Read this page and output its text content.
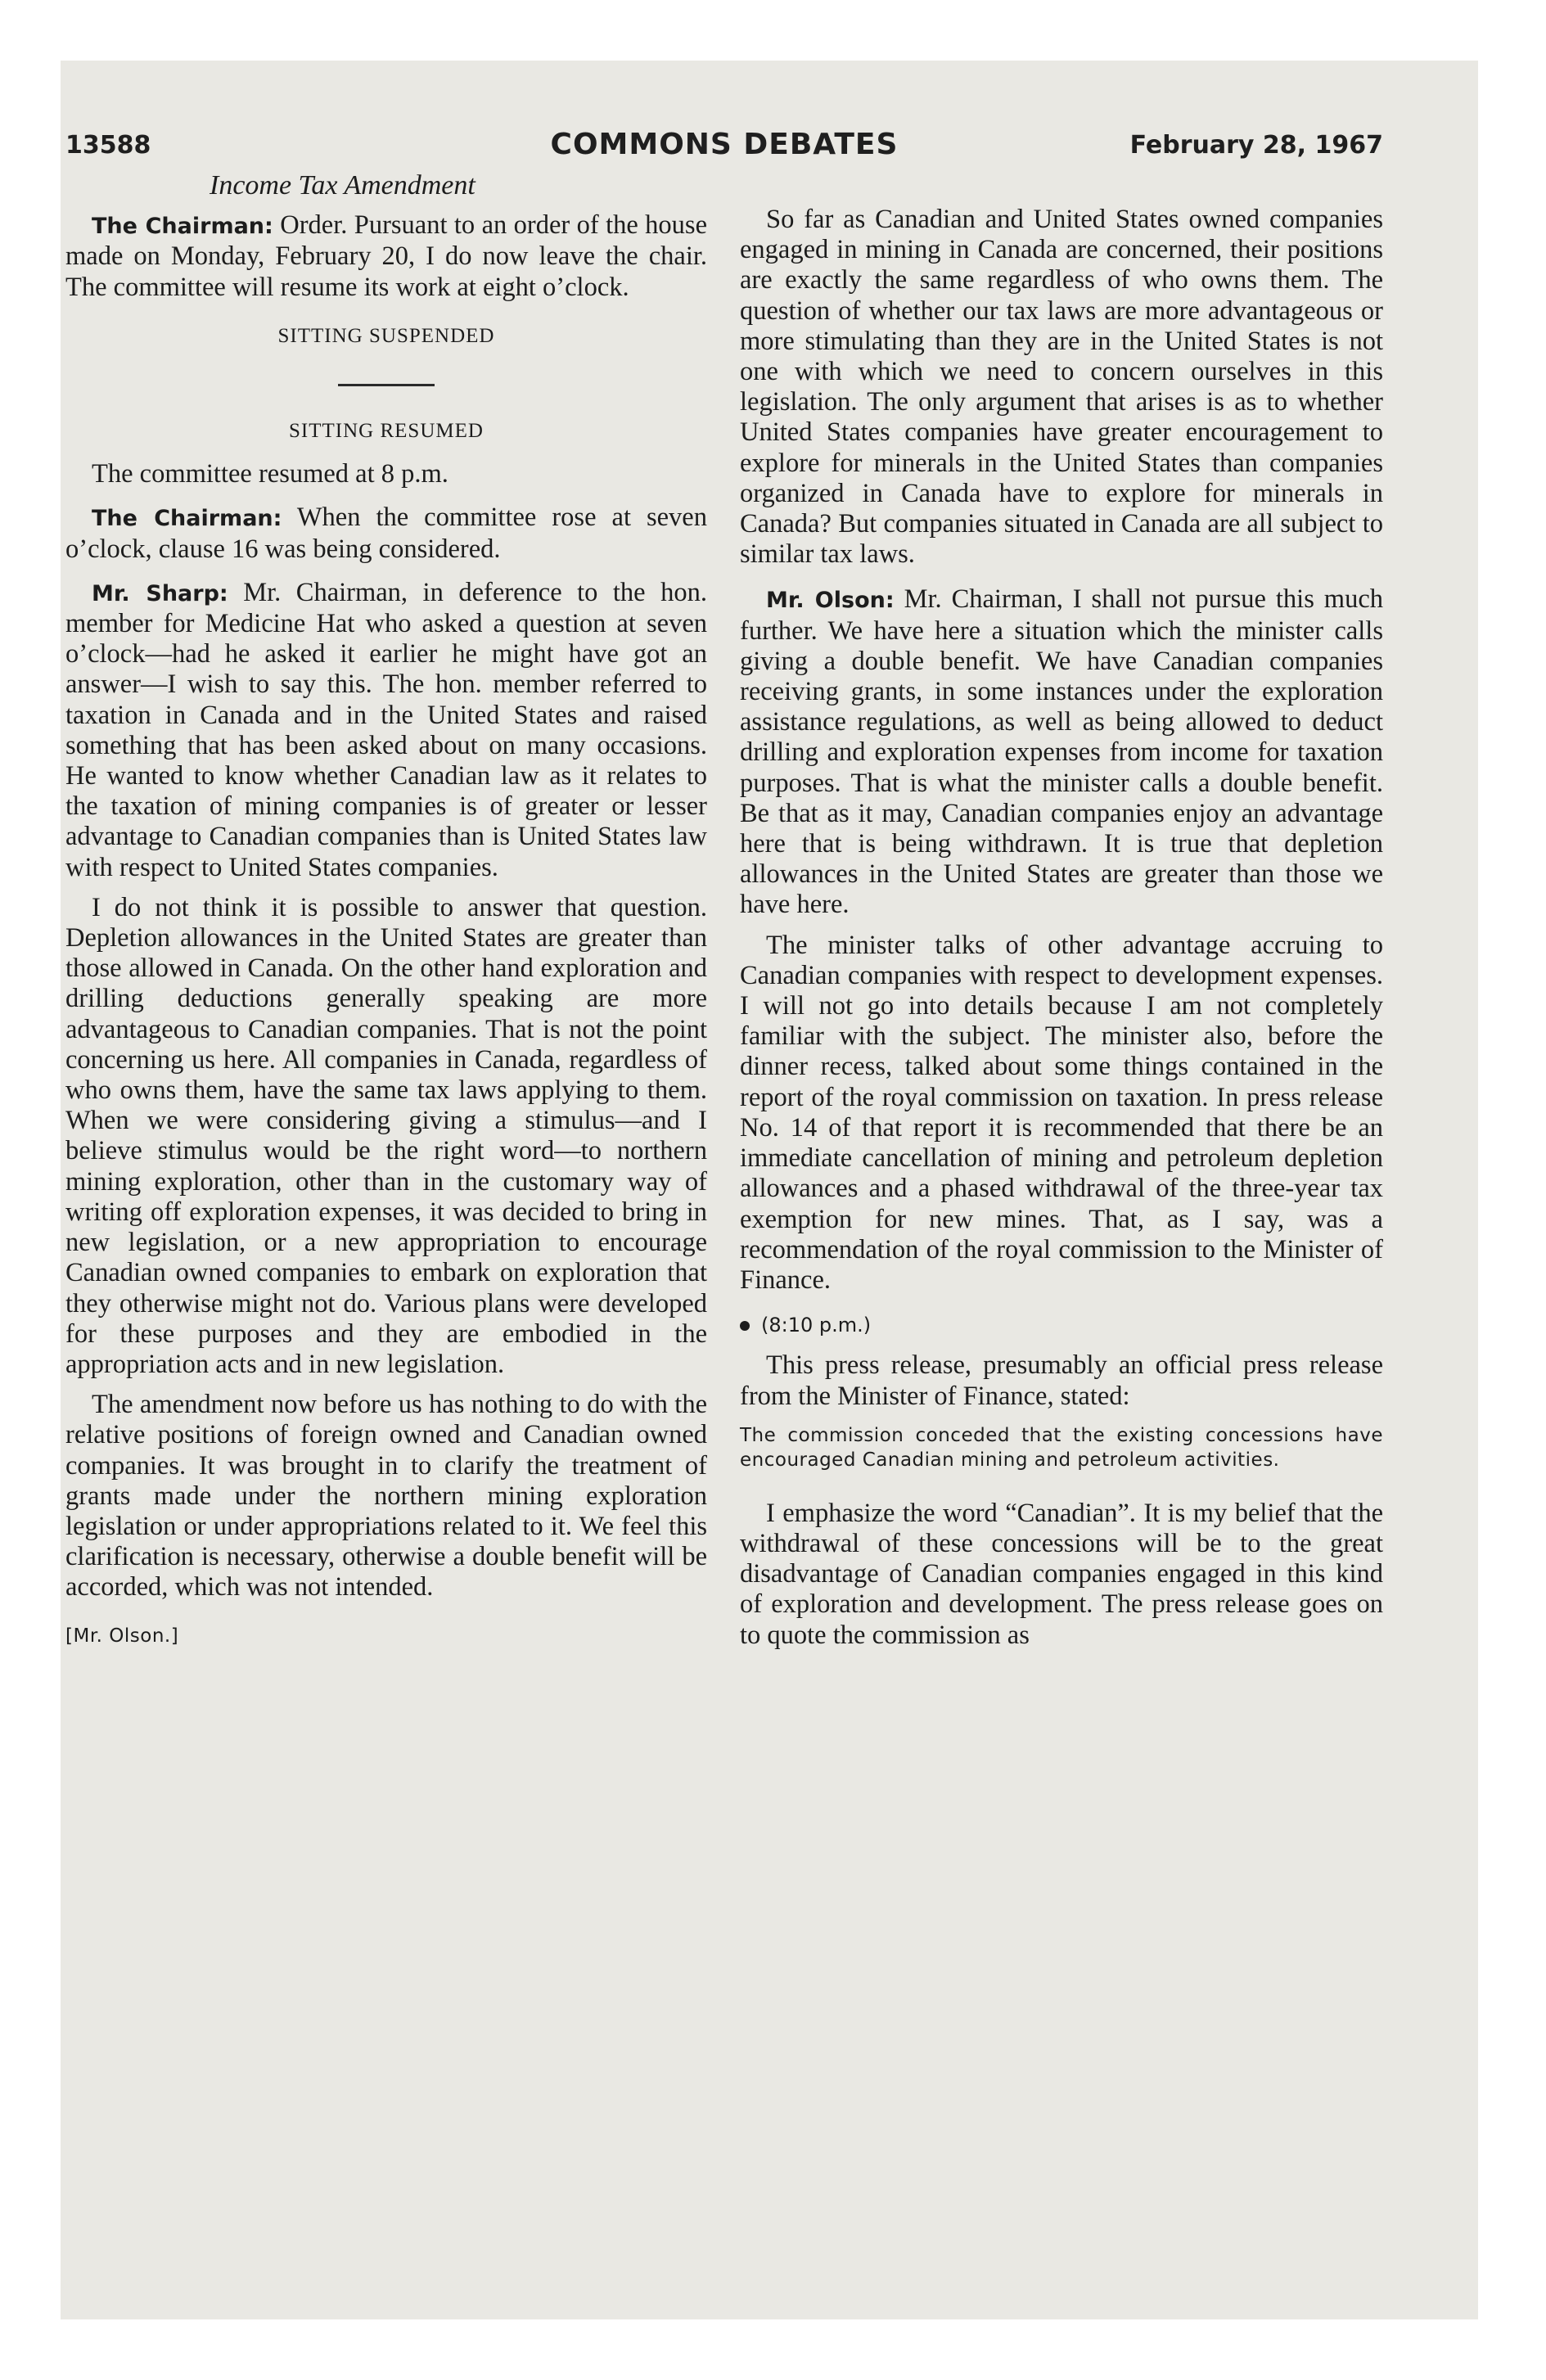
13588	COMMONS DEBATES	February 28, 1967

Income Tax Amendment

The Chairman: Order. Pursuant to an order of the house made on Monday, February 20, I do now leave the chair. The committee will resume its work at eight o’clock.

SITTING SUSPENDED

SITTING RESUMED

The committee resumed at 8 p.m.

The Chairman: When the committee rose at seven o’clock, clause 16 was being considered.

Mr. Sharp: Mr. Chairman, in deference to the hon. member for Medicine Hat who asked a question at seven o’clock—had he asked it earlier he might have got an answer—I wish to say this. The hon. member referred to taxation in Canada and in the United States and raised something that has been asked about on many occasions. He wanted to know whether Canadian law as it relates to the taxation of mining companies is of greater or lesser advantage to Canadian companies than is United States law with respect to United States companies.

I do not think it is possible to answer that question. Depletion allowances in the United States are greater than those allowed in Canada. On the other hand exploration and drilling deductions generally speaking are more advantageous to Canadian companies. That is not the point concerning us here. All companies in Canada, regardless of who owns them, have the same tax laws applying to them. When we were considering giving a stimulus—and I believe stimulus would be the right word—to northern mining exploration, other than in the customary way of writing off exploration expenses, it was decided to bring in new legislation, or a new appropriation to encourage Canadian owned companies to embark on exploration that they otherwise might not do. Various plans were developed for these purposes and they are embodied in the appropriation acts and in new legislation.

The amendment now before us has nothing to do with the relative positions of foreign owned and Canadian owned companies. It was brought in to clarify the treatment of grants made under the northern mining exploration legislation or under appropriations related to it. We feel this clarification is necessary, otherwise a double benefit will be accorded, which was not intended.

[Mr. Olson.]

So far as Canadian and United States owned companies engaged in mining in Canada are concerned, their positions are exactly the same regardless of who owns them. The question of whether our tax laws are more advantageous or more stimulating than they are in the United States is not one with which we need to concern ourselves in this legislation. The only argument that arises is as to whether United States companies have greater encouragement to explore for minerals in the United States than companies organized in Canada have to explore for minerals in Canada? But companies situated in Canada are all subject to similar tax laws.

Mr. Olson: Mr. Chairman, I shall not pursue this much further. We have here a situation which the minister calls giving a double benefit. We have Canadian companies receiving grants, in some instances under the exploration assistance regulations, as well as being allowed to deduct drilling and exploration expenses from income for taxation purposes. That is what the minister calls a double benefit. Be that as it may, Canadian companies enjoy an advantage here that is being withdrawn. It is true that depletion allowances in the United States are greater than those we have here.

The minister talks of other advantage accruing to Canadian companies with respect to development expenses. I will not go into details because I am not completely familiar with the subject. The minister also, before the dinner recess, talked about some things contained in the report of the royal commission on taxation. In press release No. 14 of that report it is recommended that there be an immediate cancellation of mining and petroleum depletion allowances and a phased withdrawal of the three-year tax exemption for new mines. That, as I say, was a recommendation of the royal commission to the Minister of Finance.

(8:10 p.m.)

This press release, presumably an official press release from the Minister of Finance, stated:

The commission conceded that the existing concessions have encouraged Canadian mining and petroleum activities.

I emphasize the word “Canadian”. It is my belief that the withdrawal of these concessions will be to the great disadvantage of Canadian companies engaged in this kind of exploration and development. The press release goes on to quote the commission as
